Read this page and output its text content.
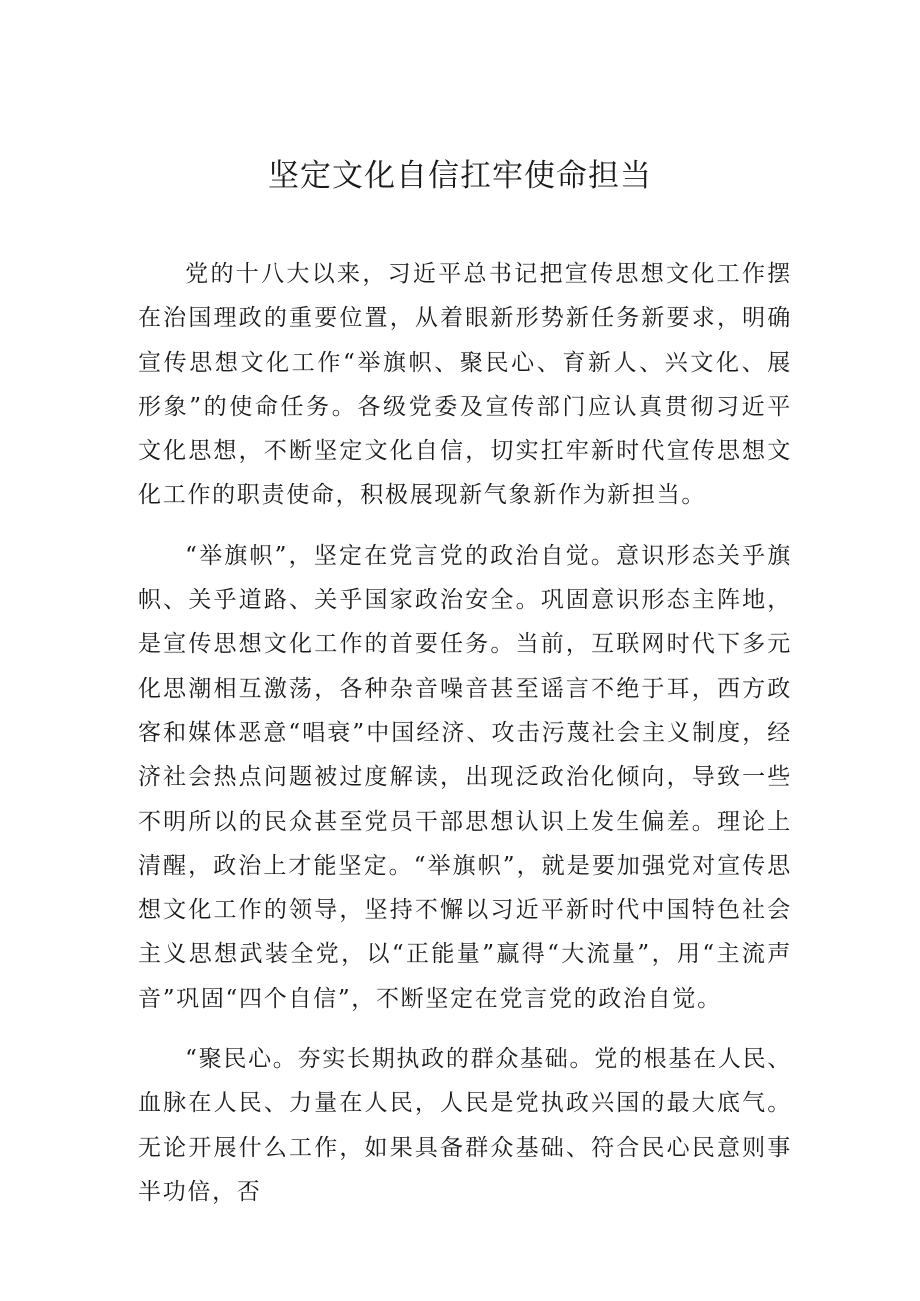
坚定文化自信扛牢使命担当

党的十八大以来，习近平总书记把宣传思想文化工作摆在治国理政的重要位置，从着眼新形势新任务新要求，明确宣传思想文化工作“举旗帜、聚民心、育新人、兴文化、展形象”的使命任务。各级党委及宣传部门应认真贯彻习近平文化思想，不断坚定文化自信，切实扛牢新时代宣传思想文化工作的职责使命，积极展现新气象新作为新担当。

“举旗帜”，坚定在党言党的政治自觉。意识形态关乎旗帜、关乎道路、关乎国家政治安全。巩固意识形态主阵地，是宣传思想文化工作的首要任务。当前，互联网时代下多元化思潮相互激荡，各种杂音噪音甚至谣言不绝于耳，西方政客和媒体恶意“唱衰”中国经济、攻击污蔑社会主义制度，经济社会热点问题被过度解读，出现泛政治化倾向，导致一些不明所以的民众甚至党员干部思想认识上发生偏差。理论上清醒，政治上才能坚定。“举旗帜”，就是要加强党对宣传思想文化工作的领导，坚持不懈以习近平新时代中国特色社会主义思想武装全党，以“正能量”赢得“大流量”，用“主流声音”巩固“四个自信”，不断坚定在党言党的政治自觉。

“聚民心。夯实长期执政的群众基础。党的根基在人民、血脉在人民、力量在人民，人民是党执政兴国的最大底气。无论开展什么工作，如果具备群众基础、符合民心民意则事半功倍，否
